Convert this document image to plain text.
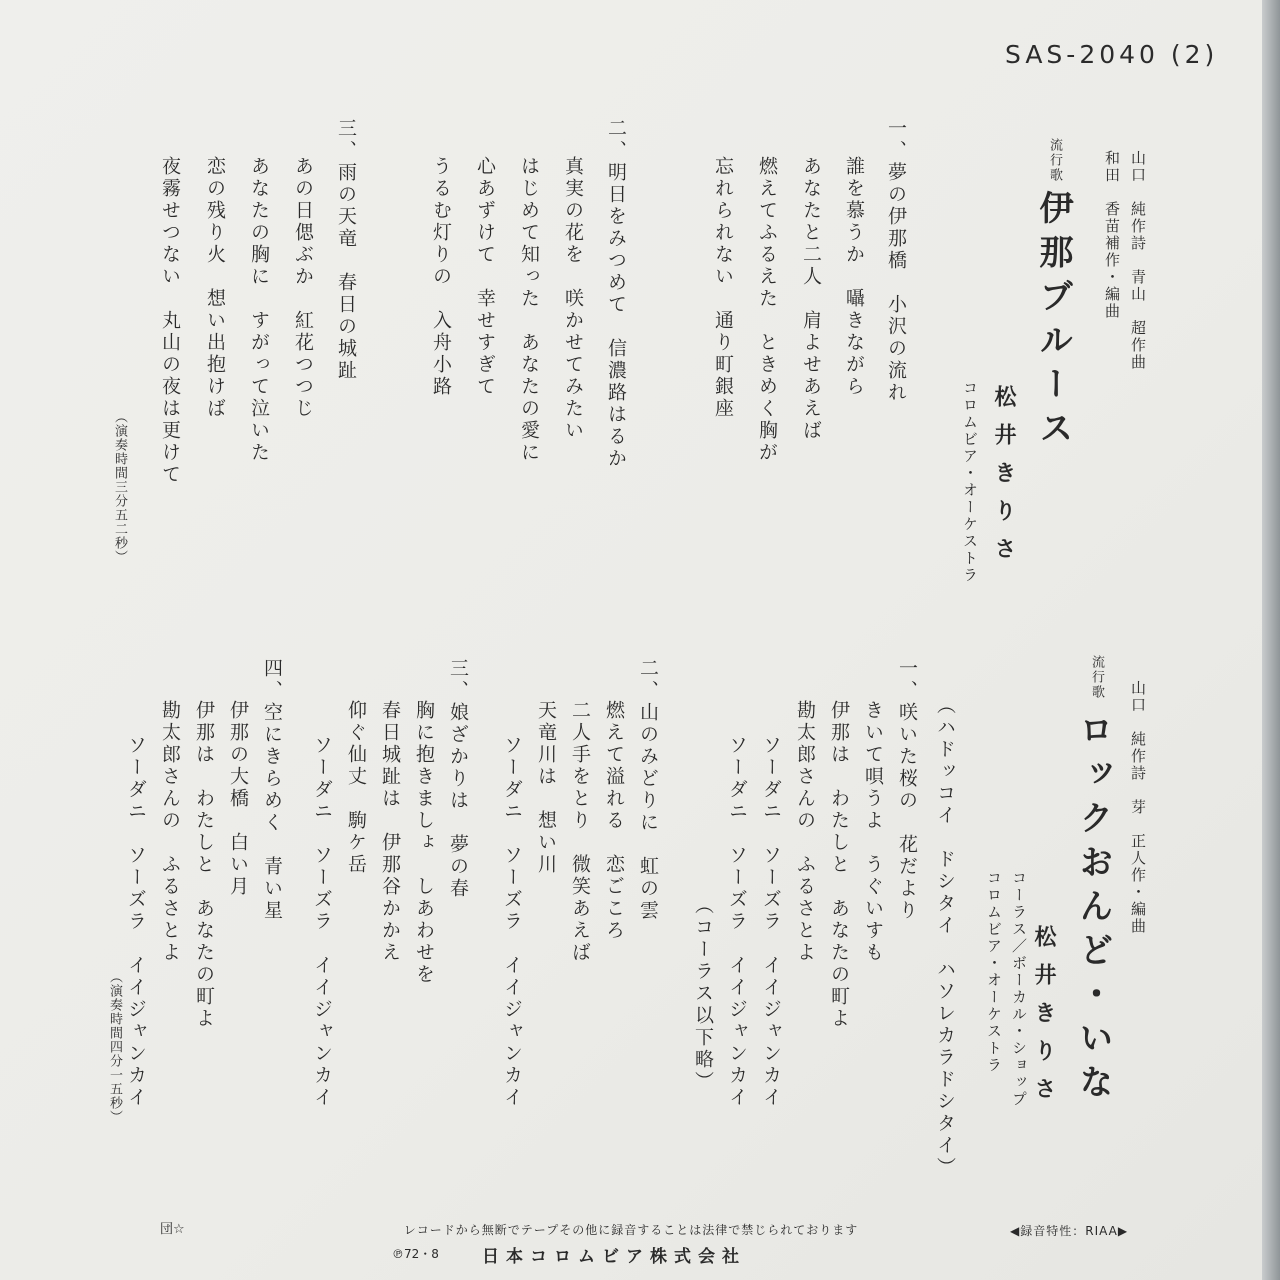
SAS-2040 (2)
山口　純作詩　青山　超作曲
和田　香苗補作・編曲
流行歌
伊那ブルース
松井きりさ
コロムビア・オーケストラ
一、夢の伊那橋　小沢の流れ
誰を慕うか　囁きながら
あなたと二人　肩よせあえば
燃えてふるえた　ときめく胸が
忘れられない　通り町銀座
二、明日をみつめて　信濃路はるか
真実の花を　咲かせてみたい
はじめて知った　あなたの愛に
心あずけて　幸せすぎて
うるむ灯りの　入舟小路
三、雨の天竜　春日の城趾
あの日偲ぶか　紅花つつじ
あなたの胸に　すがって泣いた
恋の残り火　想い出抱けば
夜霧せつない　丸山の夜は更けて
（演奏時間三分五二秒）
山口　純作詩　芽　正人作・編曲
流行歌
ロックおんど・いな
松井きりさ
コーラス／ボーカル・ショップ
コロムビア・オーケストラ
（ハドッコイ　ドシタイ　ハソレカラドシタイ）
一、咲いた桜の　花だより
きいて唄うよ　うぐいすも
伊那は　わたしと　あなたの町よ
勘太郎さんの　ふるさとよ
ソーダニ　ソーズラ　イイジャンカイ
ソーダニ　ソーズラ　イイジャンカイ
（コーラス以下略）
二、山のみどりに　虹の雲
燃えて溢れる　恋ごころ
二人手をとり　微笑あえば
天竜川は　想い川
ソーダニ　ソーズラ　イイジャンカイ
三、娘ざかりは　夢の春
胸に抱きましょ　しあわせを
春日城趾は　伊那谷かかえ
仰ぐ仙丈　駒ケ岳
ソーダニ　ソーズラ　イイジャンカイ
四、空にきらめく　青い星
伊那の大橋　白い月
伊那は　わたしと　あなたの町よ
勘太郎さんの　ふるさとよ
ソーダニ　ソーズラ　イイジャンカイ
（演奏時間四分一五秒）
団☆	レコードから無断でテープその他に録音することは法律で禁じられております	◀録音特性：RIAA▶
℗72・8	日本コロムビア株式会社
